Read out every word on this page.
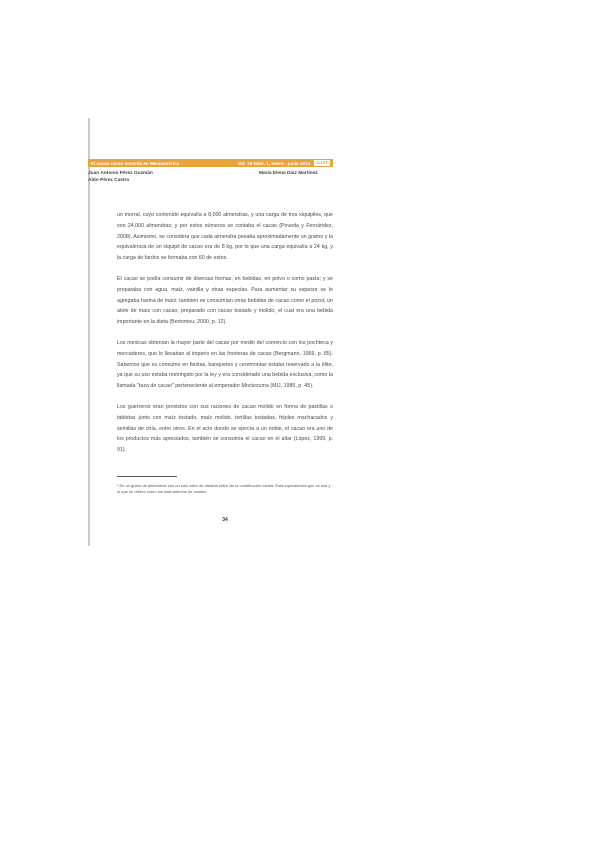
El cacao como moneda en Mesoamérica	Vol. 15 Núm. 1, enero - junio 2014	UJAT
Juan Antonio Pérez Guzmán
Aldo Pérez Castro
María Elena Díaz Martínez

un morral, cuyo contenido equivalía a 8,000 almendras, y una carga de tres xiquipiles, que son 24,000 almendras; y por estos números se contaba el cacao (Poveda y Fernández, 2008). Asimismo, se considera que cada almendra pesaba aproximadamente un gramo y la equivalencia de un xiquipil de cacao era de 8 kg, por lo que una carga equivalía a 24 kg, y la carga de fardos se formaba con 60 de estos.

El cacao se podía consumir de diversas formas, en bebidas, en polvo o como pasta; y se preparaba con agua, maíz, vainilla y otras especias. Para aumentar su espesor se le agregaba harina de maíz; también se consumían otras bebidas de cacao como el pozol, un atole de maíz con cacao, preparado con cacao tostado y molido, el cual era una bebida importante en la dieta (Bertomeu, 2000, p. 12).

Los mexicas obtenían la mayor parte del cacao por medio del comercio con los pochteca y mercaderes, que lo llevaban al imperio en las fronteras de cacao (Bergmann, 1969, p. 85). Sabemos que su consumo en fiestas, banquetes y ceremonias estaba reservado a la élite, ya que su uso estaba restringido por la ley y era considerado una bebida exclusiva, como la llamada "taza de cacao" perteneciente al emperador Moctezuma (MIJ, 1985, p. 45).

Los guerreros eran provistos con sus raciones de cacao molido en forma de pastillas o tabletas junto con maíz tostado, maíz molido, tortillas tostadas, frijoles machacados y semillas de chía, entre otros. En el acto donde se ejercía a un noble, el cacao era uno de los productos más apreciados, también se consumía el cacao en el altar (López, 1999, p. 91).

¹ En un grano de almendras con un solo valor de medida entre las la contribución media. Esta equivalencia que se usa y lo que se refiere como los instrumentos de cambio.
34
